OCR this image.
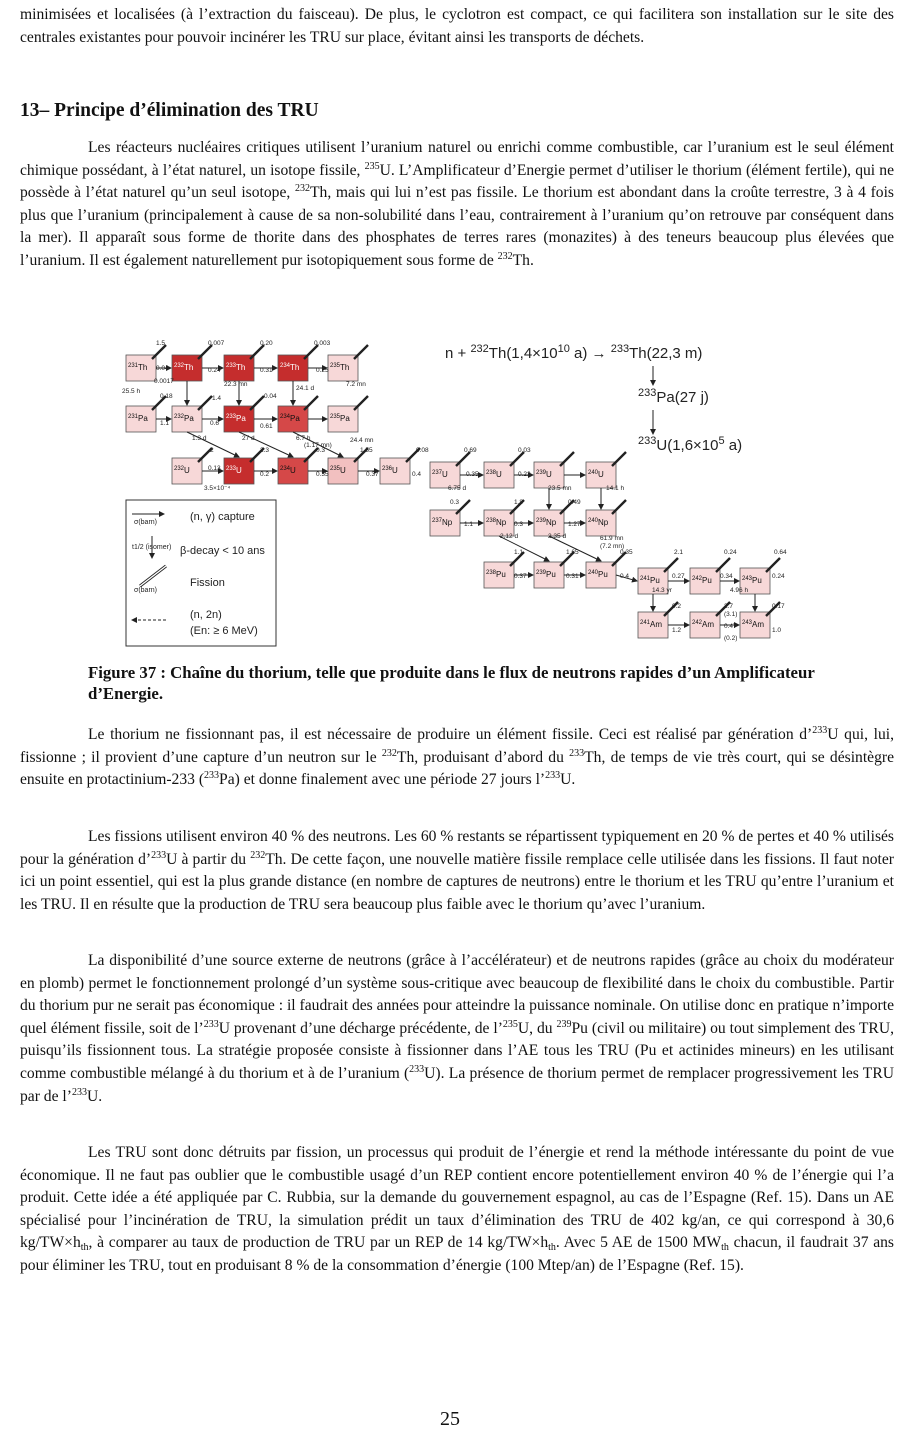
minimisées et localisées (à l’extraction du faisceau). De plus, le cyclotron est compact, ce qui facilitera son installation sur le site des centrales existantes pour pouvoir incinérer les TRU sur place, évitant ainsi les transports de déchets.

13– Principe d’élimination des TRU

Les réacteurs nucléaires critiques utilisent l’uranium naturel ou enrichi comme combustible, car l’uranium est le seul élément chimique possédant, à l’état naturel, un isotope fissile, $^{235}$U. L’Amplificateur d’Energie permet d’utiliser le thorium (élément fertile), qui ne possède à l’état naturel qu’un seul isotope, $^{232}$Th, mais qui lui n’est pas fissile. Le thorium est abondant dans la croûte terrestre, 3 à 4 fois plus que l’uranium (principalement à cause de sa non-solubilité dans l’eau, contrairement à l’uranium qu’on retrouve par conséquent dans la mer). Il apparaît sous forme de thorite dans des phosphates de terres rares (monazites) à des teneurs beaucoup plus élevées que l’uranium. Il est également naturellement pur isotopiquement sous forme de $^{232}$Th.

$^{231}$Th	$^{232}$Th	$^{233}$Th	$^{234}$Th	$^{235}$Th
$^{231}$Pa	$^{232}$Pa	$^{233}$Pa	$^{234}$Pa	$^{235}$Pa
$^{232}$U	$^{233}$U	$^{234}$U	$^{235}$U	$^{236}$U	$^{237}$U	$^{238}$U	$^{239}$U	$^{240}$U
$^{237}$Np	$^{238}$Np	$^{239}$Np	$^{240}$Np
$^{238}$Pu	$^{239}$Pu	$^{240}$Pu	$^{241}$Pu	$^{242}$Pu	$^{243}$Pu
$^{241}$Am	$^{242}$Am	$^{243}$Am
1.5	0.007	0.20	0.003
0.04	0.24	0.31	0.25
0.0017	22.3 mn
24.1 d
7.2 mn
25.5 h
0.18	1.4	0.04
1.1	0.6	0.61
1.3 d	27 d	6.7 h	24.4 mn
(1.17 mn)
2	2.3	0.3	1.55	0.08	0.69	0.03
0.13
0.2	0.35	0.37	0.4	0.35	0.22
3.5×10⁻⁴	6.75 d	23.5 mn	14.1 h
0.3	1.8	0.49
1.1	0.3	1.27
2.12 d	2.35 d	61.9 mn
(7.2 mn)
1.1	1.65	0.35	2.1	0.24	0.64
0.37	0.31	0.4	0.27	0.34	0.24
14.3 yr	4.96 h
0.2	2.7	0.17
(3.1)
1.2
0.47
1.0
(0.2)
$n + ^{232}Th(1,4\times 10^{10}$ a) → $^{233}$Th(22,3 m)
$^{233}$Pa(27 j)
$^{233}U(1,6\times 10^5$ a)
σ(barn)	(n, γ) capture
t1/2 (isomer) β-decay < 10 ans
σ(barn)
Fission
(n, 2n)
(En: ≥ 6 MeV)

Figure 37 : Chaîne du thorium, telle que produite dans le flux de neutrons rapides d’un Amplificateur d’Energie.

Le thorium ne fissionnant pas, il est nécessaire de produire un élément fissile. Ceci est réalisé par génération d’$^{233}$U qui, lui, fissionne ; il provient d’une capture d’un neutron sur le $^{232}$Th, produisant d’abord du $^{233}$Th, de temps de vie très court, qui se désintègre ensuite en protactinium-233 ($^{233}$Pa) et donne finalement avec une période 27 jours l’$^{233}$U.

Les fissions utilisent environ 40 % des neutrons. Les 60 % restants se répartissent typiquement en 20 % de pertes et 40 % utilisés pour la génération d’$^{233}$U à partir du $^{232}$Th. De cette façon, une nouvelle matière fissile remplace celle utilisée dans les fissions. Il faut noter ici un point essentiel, qui est la plus grande distance (en nombre de captures de neutrons) entre le thorium et les TRU qu’entre l’uranium et les TRU. Il en résulte que la production de TRU sera beaucoup plus faible avec le thorium qu’avec l’uranium.

La disponibilité d’une source externe de neutrons (grâce à l’accélérateur) et de neutrons rapides (grâce au choix du modérateur en plomb) permet le fonctionnement prolongé d’un système sous-critique avec beaucoup de flexibilité dans le choix du combustible. Partir du thorium pur ne serait pas économique : il faudrait des années pour atteindre la puissance nominale. On utilise donc en pratique n’importe quel élément fissile, soit de l’$^{233}$U provenant d’une décharge précédente, de l’$^{235}$U, du $^{239}$Pu (civil ou militaire) ou tout simplement des TRU, puisqu’ils fissionnent tous. La stratégie proposée consiste à fissionner dans l’AE tous les TRU (Pu et actinides mineurs) en les utilisant comme combustible mélangé à du thorium et à de l’uranium ($^{233}$U). La présence de thorium permet de remplacer progressivement les TRU par de l’$^{233}$U.

Les TRU sont donc détruits par fission, un processus qui produit de l’énergie et rend la méthode intéressante du point de vue économique. Il ne faut pas oublier que le combustible usagé d’un REP contient encore potentiellement environ 40 % de l’énergie qui l’a produit. Cette idée a été appliquée par C. Rubbia, sur la demande du gouvernement espagnol, au cas de l’Espagne (Ref. 15). Dans un AE spécialisé pour l’incinération de TRU, la simulation prédit un taux d’élimination des TRU de 402 kg/an, ce qui correspond à 30,6 $kg/TW\times h_{th}$, à comparer au taux de production de TRU par un REP de 14 $kg/TW\times h_{th}$. Avec 5 AE de 1500 $MW_{th}$ chacun, il faudrait 37 ans pour éliminer les TRU, tout en produisant 8 % de la consommation d’énergie (100 Mtep/an) de l’Espagne (Ref. 15).

25
